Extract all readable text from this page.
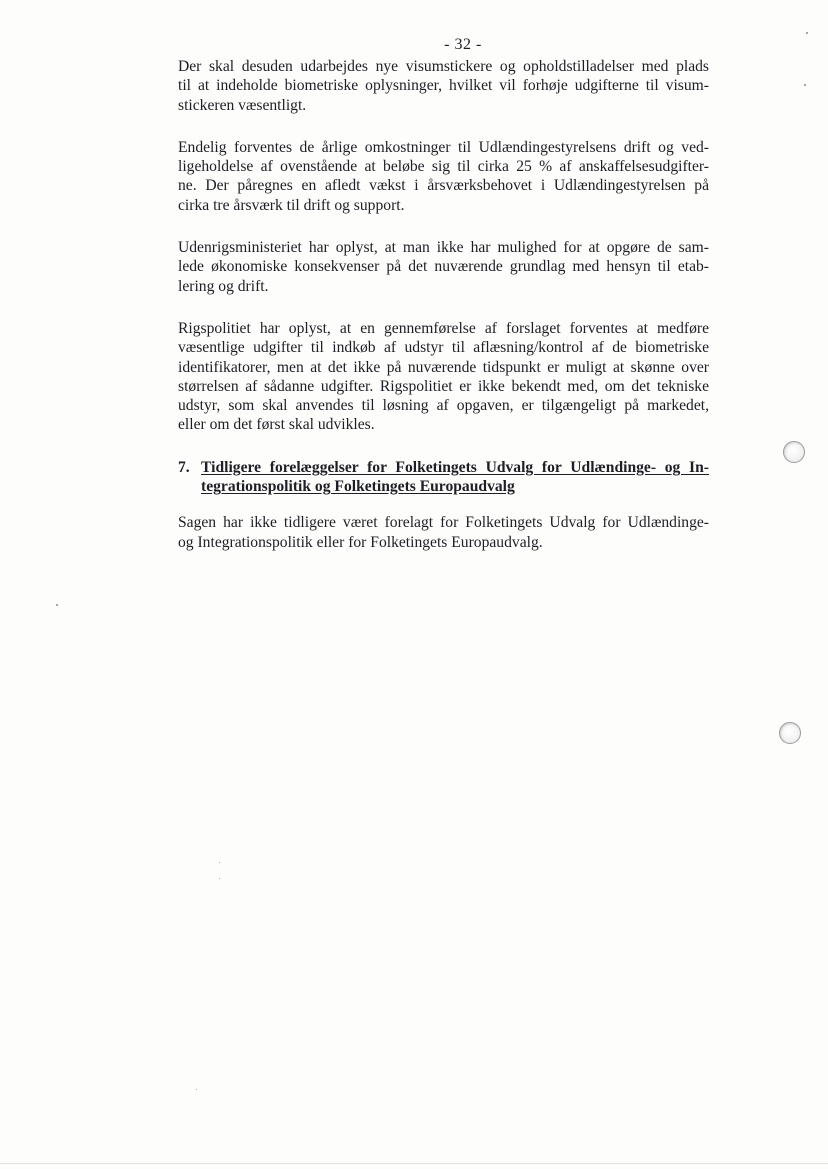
- 32 -

Der skal desuden udarbejdes nye visumstickere og opholdstilladelser med plads
til at indeholde biometriske oplysninger, hvilket vil forhøje udgifterne til visum-
stickeren væsentligt.

Endelig forventes de årlige omkostninger til Udlændingestyrelsens drift og ved-
ligeholdelse af ovenstående at beløbe sig til cirka 25 % af anskaffelsesudgifter-
ne. Der påregnes en afledt vækst i årsværksbehovet i Udlændingestyrelsen på
cirka tre årsværk til drift og support.

Udenrigsministeriet har oplyst, at man ikke har mulighed for at opgøre de sam-
lede økonomiske konsekvenser på det nuværende grundlag med hensyn til etab-
lering og drift.

Rigspolitiet har oplyst, at en gennemførelse af forslaget forventes at medføre
væsentlige udgifter til indkøb af udstyr til aflæsning/kontrol af de biometriske
identifikatorer, men at det ikke på nuværende tidspunkt er muligt at skønne over
størrelsen af sådanne udgifter. Rigspolitiet er ikke bekendt med, om det tekniske
udstyr, som skal anvendes til løsning af opgaven, er tilgængeligt på markedet,
eller om det først skal udvikles.

7. Tidligere forelæggelser for Folketingets Udvalg for Udlændinge- og In-
tegrationspolitik og Folketingets Europaudvalg

Sagen har ikke tidligere været forelagt for Folketingets Udvalg for Udlændinge-
og Integrationspolitik eller for Folketingets Europaudvalg.
